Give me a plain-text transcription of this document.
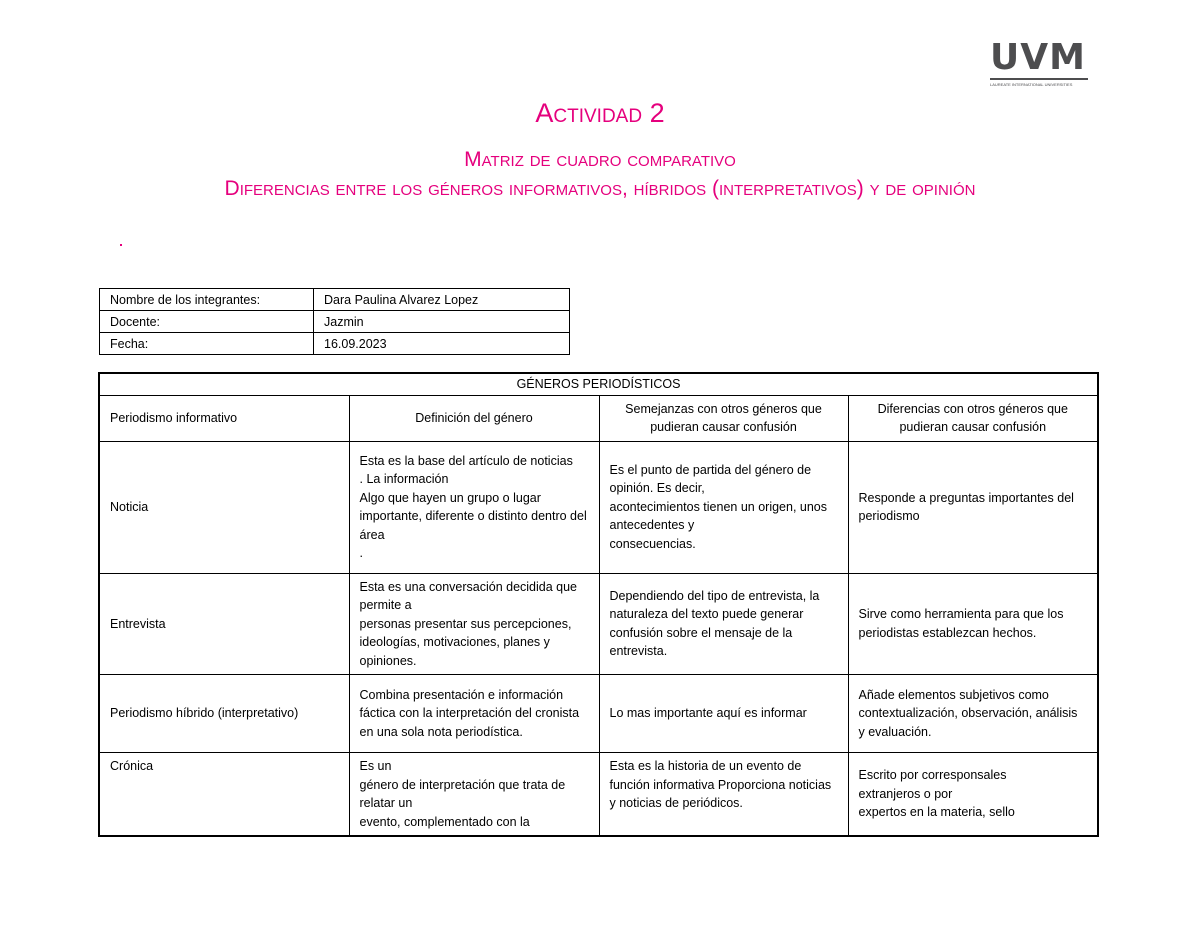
UVM
LAUREATE INTERNATIONAL UNIVERSITIES
Actividad 2
Matriz de cuadro comparativo
Diferencias entre los géneros informativos, híbridos (interpretativos) y de opinión
Nombre de los integrantes:	Dara Paulina Alvarez Lopez
Docente:	Jazmin
Fecha:	16.09.2023
GÉNEROS PERIODÍSTICOS			
Periodismo informativo	Definición del género	Semejanzas con otros géneros que pudieran causar confusión	Diferencias con otros géneros que pudieran causar confusión
Noticia	Esta es la base del artículo de noticias
. La información
Algo que hayen un grupo o lugar importante, diferente o distinto dentro del área
.	Es el punto de partida del género de opinión. Es decir,
acontecimientos tienen un origen, unos antecedentes y
consecuencias.	Responde a preguntas importantes del periodismo
Entrevista	Esta es una conversación decidida que permite a
personas presentar sus percepciones, ideologías, motivaciones, planes y opiniones.	Dependiendo del tipo de entrevista, la naturaleza del texto puede generar confusión sobre el mensaje de la entrevista.	Sirve como herramienta para que los periodistas establezcan hechos.
Periodismo híbrido (interpretativo)	Combina presentación e información fáctica con la interpretación del cronista
en una sola nota periodística.	Lo mas importante aquí es informar	Añade elementos subjetivos como contextualización, observación, análisis y evaluación.
Crónica	Es un
género de interpretación que trata de relatar un
evento, complementado con la	Esta es la historia de un evento de función informativa Proporciona noticias y noticias de periódicos.	Escrito por corresponsales
extranjeros o por
expertos en la materia, sello
